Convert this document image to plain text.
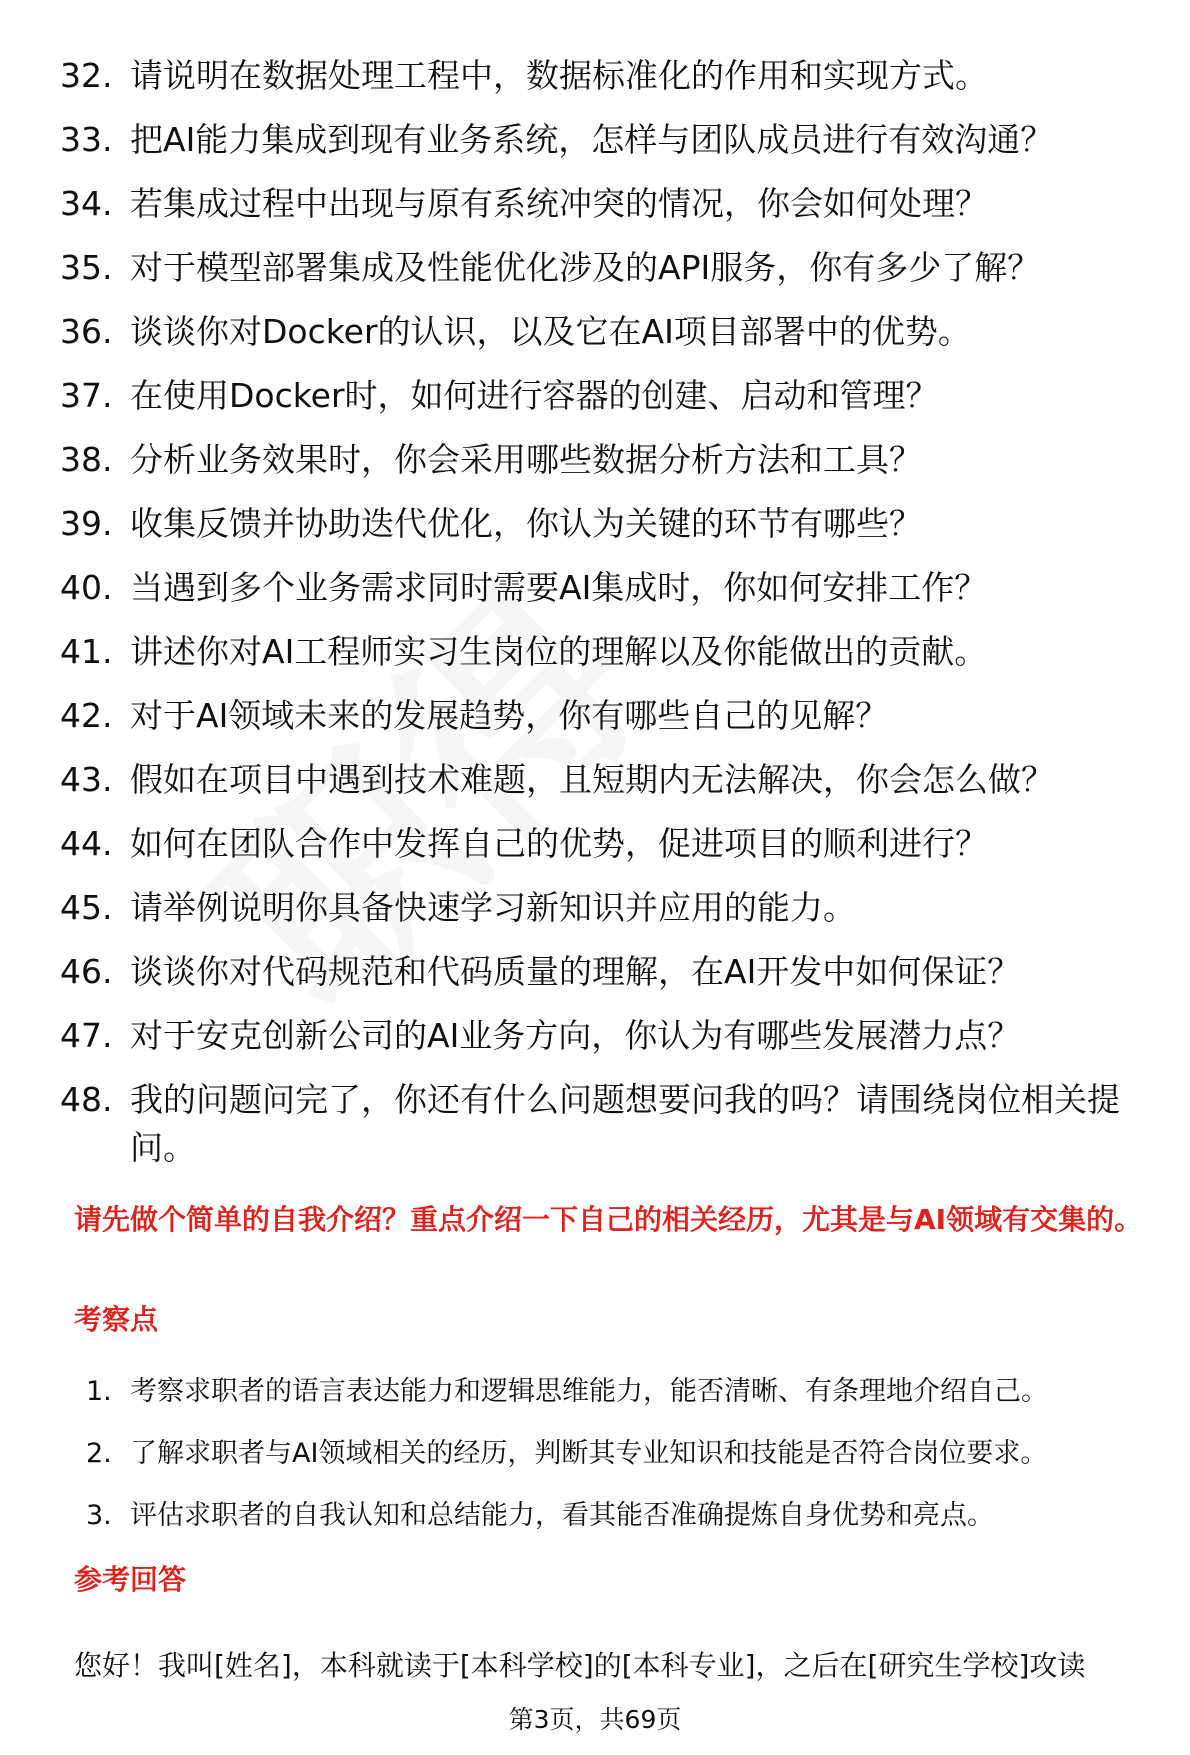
32. 请说明在数据处理工程中，数据标准化的作用和实现方式。
33. 把AI能力集成到现有业务系统，怎样与团队成员进行有效沟通？
34. 若集成过程中出现与原有系统冲突的情况，你会如何处理？
35. 对于模型部署集成及性能优化涉及的API服务，你有多少了解？
36. 谈谈你对Docker的认识，以及它在AI项目部署中的优势。
37. 在使用Docker时，如何进行容器的创建、启动和管理？
38. 分析业务效果时，你会采用哪些数据分析方法和工具？
39. 收集反馈并协助迭代优化，你认为关键的环节有哪些？
40. 当遇到多个业务需求同时需要AI集成时，你如何安排工作？
41. 讲述你对AI工程师实习生岗位的理解以及你能做出的贡献。
42. 对于AI领域未来的发展趋势，你有哪些自己的见解？
43. 假如在项目中遇到技术难题，且短期内无法解决，你会怎么做？
44. 如何在团队合作中发挥自己的优势，促进项目的顺利进行？
45. 请举例说明你具备快速学习新知识并应用的能力。
46. 谈谈你对代码规范和代码质量的理解，在AI开发中如何保证？
47. 对于安克创新公司的AI业务方向，你认为有哪些发展潜力点？
48. 我的问题问完了，你还有什么问题想要问我的吗？请围绕岗位相关提问。
请先做个简单的自我介绍？重点介绍一下自己的相关经历，尤其是与AI领域有交集的。
考察点
1. 考察求职者的语言表达能力和逻辑思维能力，能否清晰、有条理地介绍自己。
2. 了解求职者与AI领域相关的经历，判断其专业知识和技能是否符合岗位要求。
3. 评估求职者的自我认知和总结能力，看其能否准确提炼自身优势和亮点。
参考回答
您好！我叫[姓名]，本科就读于[本科学校]的[本科专业]，之后在[研究生学校]攻读
第3页，共69页
